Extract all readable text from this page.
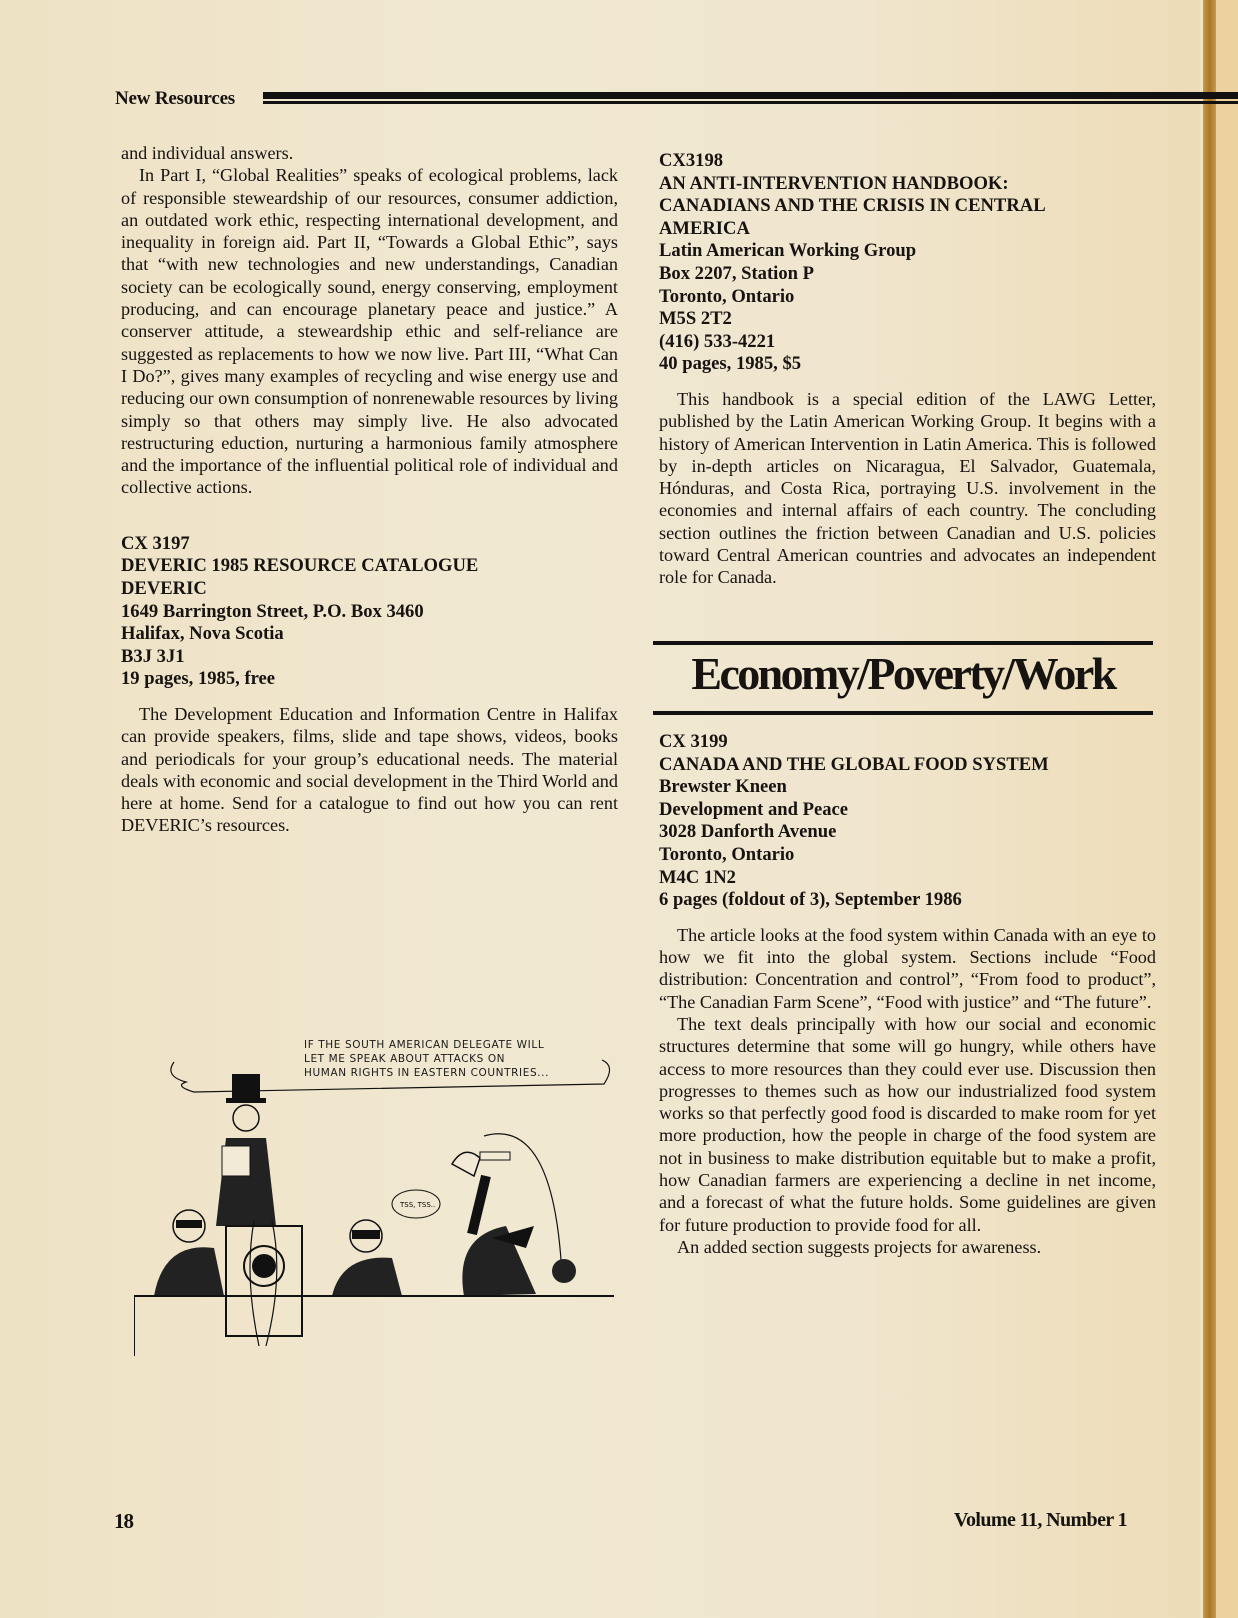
New Resources

and individual answers.

In Part I, “Global Realities” speaks of ecological problems, lack of responsible steweardship of our resources, consumer addiction, an outdated work ethic, respecting international development, and inequality in foreign aid. Part II, “Towards a Global Ethic”, says that “with new technologies and new understandings, Canadian society can be ecologically sound, energy conserving, employment producing, and can encourage planetary peace and justice.” A conserver attitude, a steweardship ethic and self-reliance are suggested as replacements to how we now live. Part III, “What Can I Do?”, gives many examples of recycling and wise energy use and reducing our own consumption of nonrenewable resources by living simply so that others may simply live. He also advocated restructuring eduction, nurturing a harmonious family atmosphere and the importance of the influential political role of individual and collective actions.

CX 3197
DEVERIC 1985 RESOURCE CATALOGUE
DEVERIC
1649 Barrington Street, P.O. Box 3460
Halifax, Nova Scotia
B3J 3J1
19 pages, 1985, free

The Development Education and Information Centre in Halifax can provide speakers, films, slide and tape shows, videos, books and periodicals for your group’s educational needs. The material deals with economic and social development in the Third World and here at home. Send for a catalogue to find out how you can rent DEVERIC’s resources.

IF THE SOUTH AMERICAN DELEGATE WILL
LET ME SPEAK ABOUT ATTACKS ON
HUMAN RIGHTS IN EASTERN COUNTRIES...
TSS, TSS..
CX3198
AN ANTI-INTERVENTION HANDBOOK:
CANADIANS AND THE CRISIS IN CENTRAL
AMERICA
Latin American Working Group
Box 2207, Station P
Toronto, Ontario
M5S 2T2
(416) 533-4221
40 pages, 1985, $5

This handbook is a special edition of the LAWG Letter, published by the Latin American Working Group. It begins with a history of American Intervention in Latin America. This is followed by in-depth articles on Nicaragua, El Salvador, Guatemala, Hónduras, and Costa Rica, portraying U.S. involvement in the economies and internal affairs of each country. The concluding section outlines the friction between Canadian and U.S. policies toward Central American countries and advocates an independent role for Canada.

Economy/Poverty/Work
CX 3199
CANADA AND THE GLOBAL FOOD SYSTEM
Brewster Kneen
Development and Peace
3028 Danforth Avenue
Toronto, Ontario
M4C 1N2
6 pages (foldout of 3), September 1986

The article looks at the food system within Canada with an eye to how we fit into the global system. Sections include “Food distribution: Concentration and control”, “From food to product”, “The Canadian Farm Scene”, “Food with justice” and “The future”.

The text deals principally with how our social and economic structures determine that some will go hungry, while others have access to more resources than they could ever use. Discussion then progresses to themes such as how our industrialized food system works so that perfectly good food is discarded to make room for yet more production, how the people in charge of the food system are not in business to make distribution equitable but to make a profit, how Canadian farmers are experiencing a decline in net income, and a forecast of what the future holds. Some guidelines are given for future production to provide food for all.

An added section suggests projects for awareness.

18	Volume 11, Number 1
